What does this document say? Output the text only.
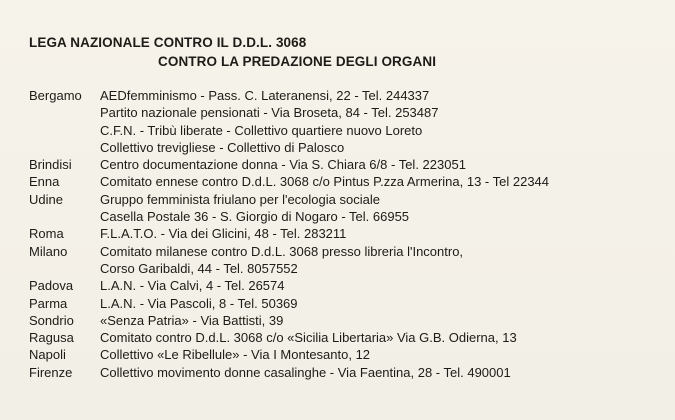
LEGA NAZIONALE CONTRO IL D.D.L. 3068
CONTRO LA PREDAZIONE DEGLI ORGANI
Bergamo	AEDfemminismo - Pass. C. Lateranensi, 22 - Tel. 244337
Partito nazionale pensionati - Via Broseta, 84 - Tel. 253487
C.F.N. - Tribù liberate - Collettivo quartiere nuovo Loreto
Collettivo trevigliese - Collettivo di Palosco
Brindisi	Centro documentazione donna - Via S. Chiara 6/8 - Tel. 223051
Enna	Comitato ennese contro D.d.L. 3068 c/o Pintus P.zza Armerina, 13 - Tel 22344
Udine	Gruppo femminista friulano per l'ecologia sociale
Casella Postale 36 - S. Giorgio di Nogaro - Tel. 66955
Roma	F.L.A.T.O. - Via dei Glicini, 48 - Tel. 283211
Milano	Comitato milanese contro D.d.L. 3068 presso libreria l'Incontro,
Corso Garibaldi, 44 - Tel. 8057552
Padova	L.A.N. - Via Calvi, 4 - Tel. 26574
Parma	L.A.N. - Via Pascoli, 8 - Tel. 50369
Sondrio	«Senza Patria» - Via Battisti, 39
Ragusa	Comitato contro D.d.L. 3068 c/o «Sicilia Libertaria» Via G.B. Odierna, 13
Napoli	Collettivo «Le Ribellule» - Via I Montesanto, 12
Firenze	Collettivo movimento donne casalinghe - Via Faentina, 28 - Tel. 490001
